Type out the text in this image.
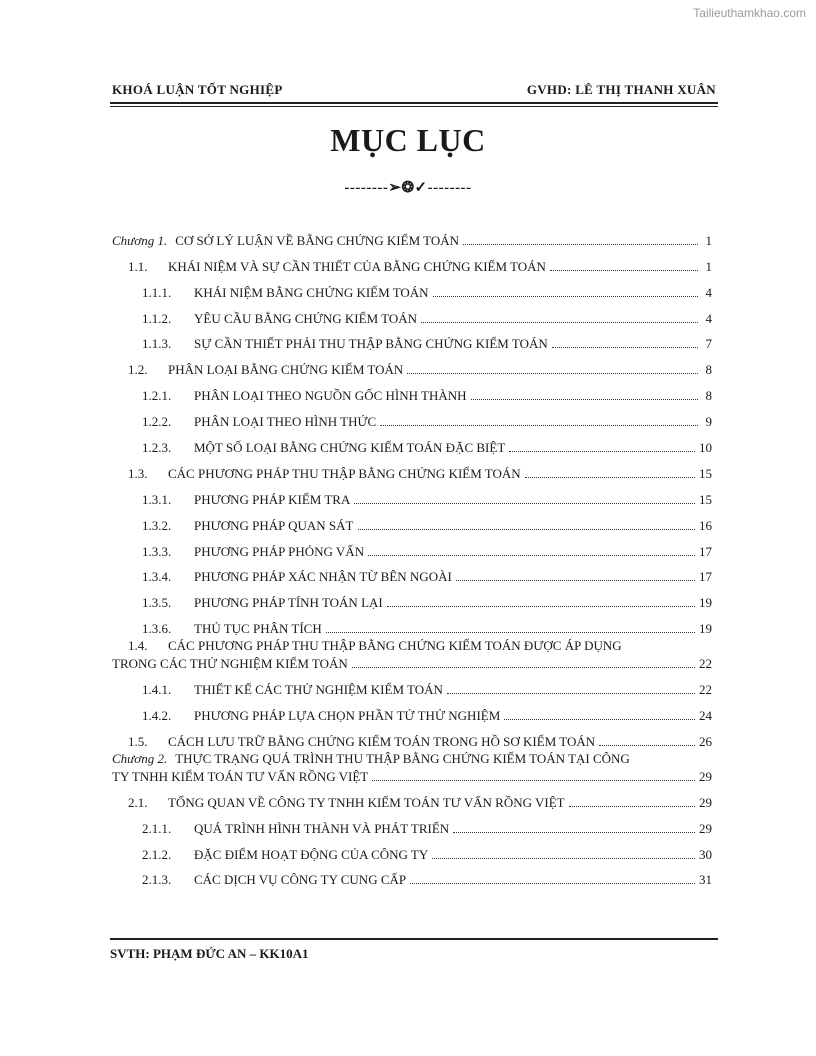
Tailieuthamkhao.com
KHOÁ LUẬN TỐT NGHIỆP	GVHD: LÊ THỊ THANH XUÂN
MỤC LỤC
--------➢❂✓--------
Chương 1. CƠ SỞ LÝ LUẬN VỀ BẰNG CHỨNG KIỂM TOÁN	1
1.1.	KHÁI NIỆM VÀ SỰ CẦN THIẾT CỦA BẰNG CHỨNG KIỂM TOÁN	1
1.1.1.	KHÁI NIỆM BẰNG CHỨNG KIỂM TOÁN	4
1.1.2.	YÊU CẦU BẰNG CHỨNG KIỂM TOÁN	4
1.1.3.	SỰ CẦN THIẾT PHẢI THU THẬP BẰNG CHỨNG KIỂM TOÁN	7
1.2.	PHÂN LOẠI BẰNG CHỨNG KIỂM TOÁN	8
1.2.1.	PHÂN LOẠI THEO NGUỒN GỐC HÌNH THÀNH	8
1.2.2.	PHÂN LOẠI THEO HÌNH THỨC	9
1.2.3.	MỘT SỐ LOẠI BẰNG CHỨNG KIỂM TOÁN ĐẶC BIỆT	10
1.3.	CÁC PHƯƠNG PHÁP THU THẬP BẰNG CHỨNG KIỂM TOÁN	15
1.3.1.	PHƯƠNG PHÁP KIỂM TRA	15
1.3.2.	PHƯƠNG PHÁP QUAN SÁT	16
1.3.3.	PHƯƠNG PHÁP PHỎNG VẤN	17
1.3.4.	PHƯƠNG PHÁP XÁC NHẬN TỪ BÊN NGOÀI	17
1.3.5.	PHƯƠNG PHÁP TÍNH TOÁN LẠI	19
1.3.6.	THỦ TỤC PHÂN TÍCH	19
1.4.	CÁC PHƯƠNG PHÁP THU THẬP BẰNG CHỨNG KIỂM TOÁN ĐƯỢC ÁP DỤNG
TRONG CÁC THỬ NGHIỆM KIỂM TOÁN	22
1.4.1.	THIẾT KẾ CÁC THỬ NGHIỆM KIỂM TOÁN	22
1.4.2.	PHƯƠNG PHÁP LỰA CHỌN PHẦN TỬ THỬ NGHIỆM	24
1.5.	CÁCH LƯU TRỮ BẰNG CHỨNG KIỂM TOÁN TRONG HỒ SƠ KIỂM TOÁN	26
Chương 2. THỰC TRẠNG QUÁ TRÌNH THU THẬP BẰNG CHỨNG KIỂM TOÁN TẠI CÔNG
TY TNHH KIỂM TOÁN TƯ VẤN RỒNG VIỆT	29
2.1.	TỔNG QUAN VỀ CÔNG TY TNHH KIỂM TOÁN TƯ VẤN RỒNG VIỆT	29
2.1.1.	QUÁ TRÌNH HÌNH THÀNH VÀ PHÁT TRIỂN	29
2.1.2.	ĐẶC ĐIỂM HOẠT ĐỘNG CỦA CÔNG TY	30
2.1.3.	CÁC DỊCH VỤ CÔNG TY CUNG CẤP	31
SVTH: PHẠM ĐỨC AN – KK10A1
